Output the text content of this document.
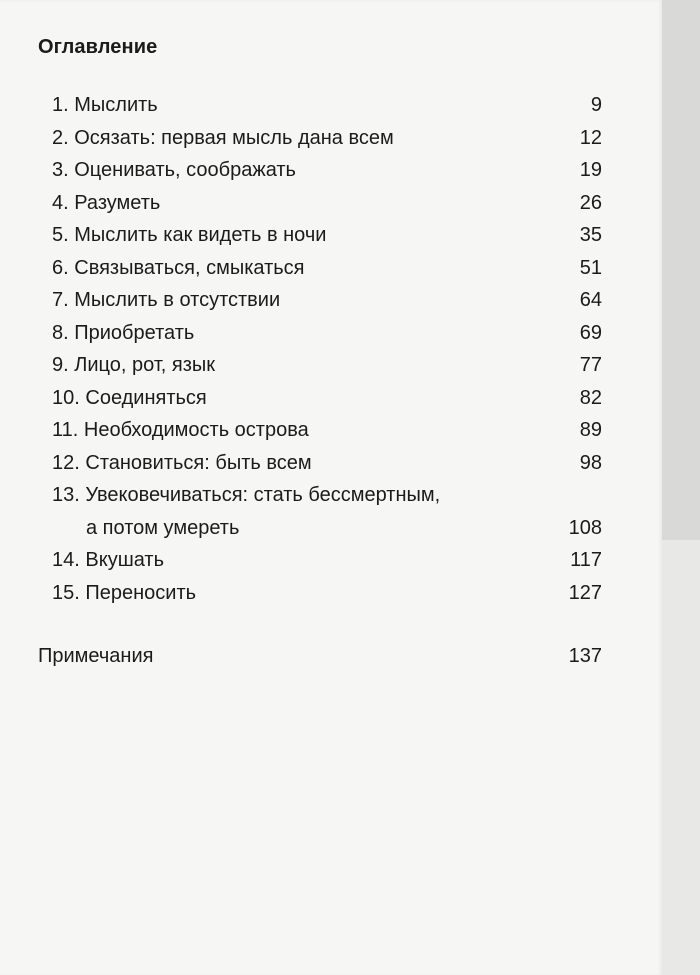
Оглавление
1. Мыслить	9
2. Осязать: первая мысль дана всем	12
3. Оценивать, соображать	19
4. Разуметь	26
5. Мыслить как видеть в ночи	35
6. Связываться, смыкаться	51
7. Мыслить в отсутствии	64
8. Приобретать	69
9. Лицо, рот, язык	77
10. Соединяться	82
11. Необходимость острова	89
12. Становиться: быть всем	98
13. Увековечиваться: стать бессмертным,
а потом умереть	108
14. Вкушать	117
15. Переносить	127
Примечания	137
